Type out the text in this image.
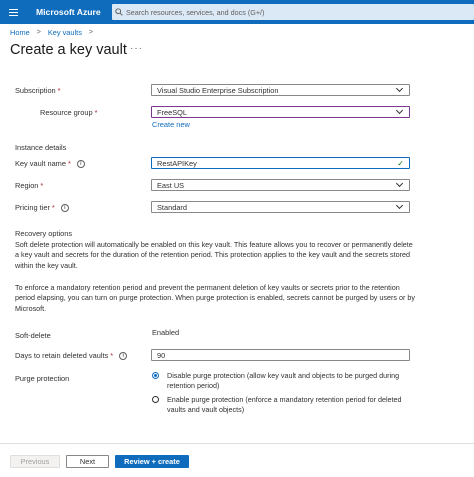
Microsoft Azure
Search resources, services, and docs (G+/)
Home > Key vaults >
Create a key vault ···
Subscription *	Visual Studio Enterprise Subscription
Resource group *	FreeSQL
Create new
Instance details
Key vault name *	i	RestAPIKey	✓
Region *	East US
Pricing tier *	i	Standard
Recovery options
Soft delete protection will automatically be enabled on this key vault. This feature allows you to recover or permanently delete a key vault and secrets for the duration of the retention period. This protection applies to the key vault and the secrets stored within the key vault.
To enforce a mandatory retention period and prevent the permanent deletion of key vaults or secrets prior to the retention period elapsing, you can turn on purge protection. When purge protection is enabled, secrets cannot be purged by users or by Microsoft.
Soft-delete	Enabled
Days to retain deleted vaults *	i	90
Purge protection	Disable purge protection (allow key vault and objects to be purged during retention period)
Enable purge protection (enforce a mandatory retention period for deleted vaults and vault objects)
Previous	Next	Review + create
